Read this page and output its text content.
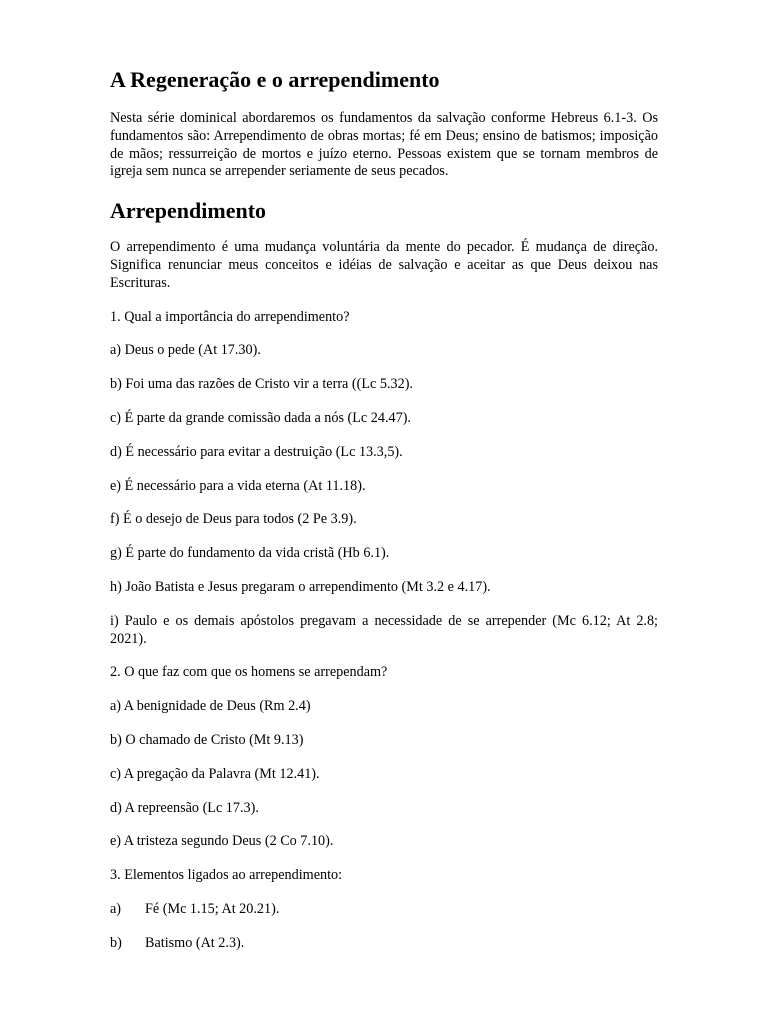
A Regeneração e o arrependimento

Nesta série dominical abordaremos os fundamentos da salvação conforme Hebreus 6.1-3. Os fundamentos são: Arrependimento de obras mortas; fé em Deus; ensino de batismos; imposição de mãos; ressurreição de mortos e juízo eterno. Pessoas existem que se tornam membros de igreja sem nunca se arrepender seriamente de seus pecados.

Arrependimento

O arrependimento é uma mudança voluntária da mente do pecador. É mudança de direção. Significa renunciar meus conceitos e idéias de salvação e aceitar as que Deus deixou nas Escrituras.

1. Qual a importância do arrependimento?

a) Deus o pede (At 17.30).

b) Foi uma das razões de Cristo vir a terra ((Lc 5.32).

c) É parte da grande comissão dada a nós (Lc 24.47).

d) É necessário para evitar a destruição (Lc 13.3,5).

e) É necessário para a vida eterna (At 11.18).

f) É o desejo de Deus para todos (2 Pe 3.9).

g) É parte do fundamento da vida cristã (Hb 6.1).

h) João Batista e Jesus pregaram o arrependimento (Mt 3.2 e 4.17).

i) Paulo e os demais apóstolos pregavam a necessidade de se arrepender (Mc 6.12; At 2.8; 2021).

2. O que faz com que os homens se arrependam?

a) A benignidade de Deus (Rm 2.4)

b) O chamado de Cristo (Mt 9.13)

c) A pregação da Palavra (Mt 12.41).

d) A repreensão (Lc 17.3).

e) A tristeza segundo Deus (2 Co 7.10).

3. Elementos ligados ao arrependimento:

a)	Fé (Mc 1.15; At 20.21).

b)	Batismo (At 2.3).
